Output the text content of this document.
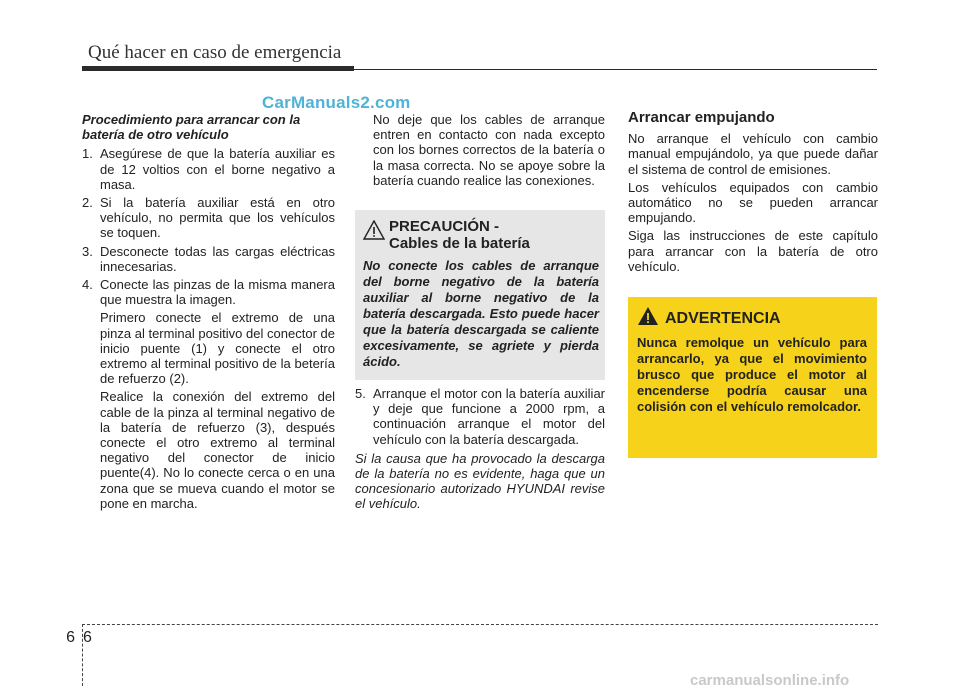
Qué hacer en caso de emergencia
CarManuals2.com
Procedimiento para arrancar con la batería de otro vehículo
1. Asegúrese de que la batería auxiliar es de 12 voltios con el borne negativo a masa.
2. Si la batería auxiliar está en otro vehículo, no permita que los vehículos se toquen.
3. Desconecte todas las cargas eléctricas innecesarias.
4. Conecte las pinzas de la misma manera que muestra la imagen.
Primero conecte el extremo de una pinza al terminal positivo del conector de inicio puente (1) y conecte el otro extremo al terminal positivo de la betería de refuerzo (2).
Realice la conexión del extremo del cable de la pinza al terminal negativo de la batería de refuerzo (3), después conecte el otro extremo al terminal negativo del conector de inicio puente(4). No lo conecte cerca o en una zona que se mueva cuando el motor se pone en marcha.
No deje que los cables de arranque entren en contacto con nada excepto con los bornes correctos de la batería o la masa correcta. No se apoye sobre la batería cuando realice las conexiones.
PRECAUCIÓN -
Cables de la batería
No conecte los cables de arranque del borne negativo de la batería auxiliar al borne negativo de la batería descargada. Esto puede hacer que la batería descargada se caliente excesivamente, se agriete y pierda ácido.
5. Arranque el motor con la batería auxiliar y deje que funcione a 2000 rpm, a continuación arranque el motor del vehículo con la batería descargada.
Si la causa que ha provocado la descarga de la batería no es evidente, haga que un concesionario autorizado HYUNDAI revise el vehículo.
Arrancar empujando
No arranque el vehículo con cambio manual empujándolo, ya que puede dañar el sistema de control de emisiones.
Los vehículos equipados con cambio automático no se pueden arrancar empujando.
Siga las instrucciones de este capítulo para arrancar con la batería de otro vehículo.
ADVERTENCIA
Nunca remolque un vehículo para arrancarlo, ya que el movimiento brusco que produce el motor al encenderse podría causar una colisión con el vehículo remolcador.
66
carmanualsonline.info
